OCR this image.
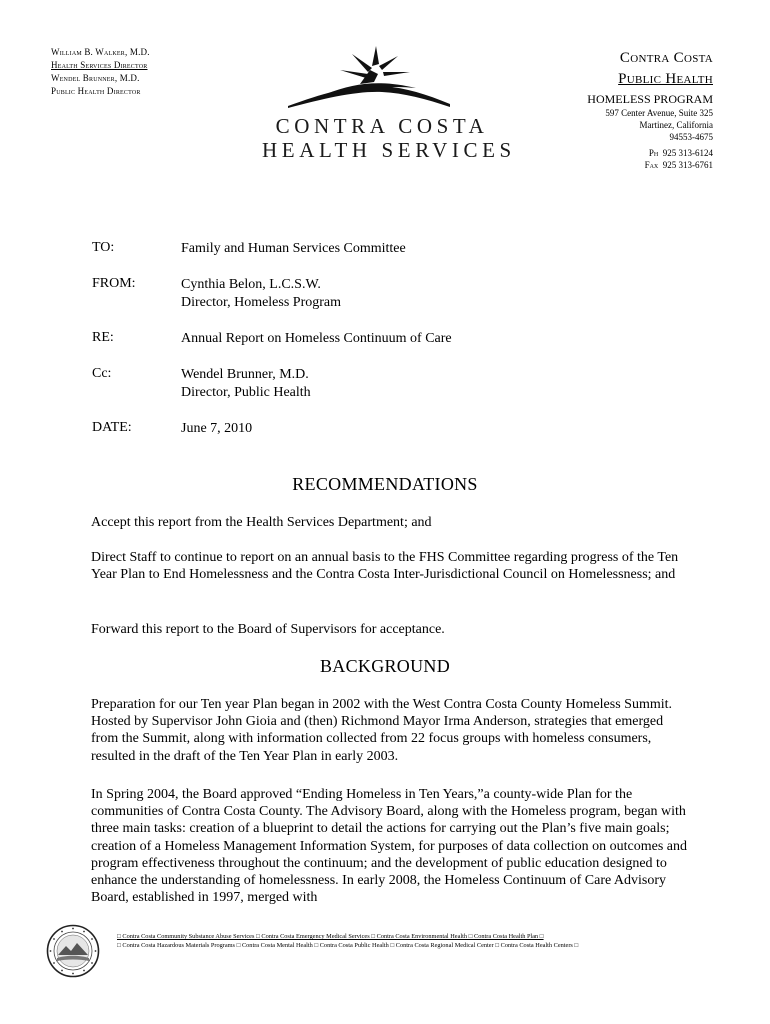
William B. Walker, M.D.
Health Services Director
Wendel Brunner, M.D.
Public Health Director
CONTRA COSTA
HEALTH SERVICES
Contra Costa
Public Health
HOMELESS PROGRAM
597 Center Avenue, Suite 325
Martinez, California
94553-4675
Ph  925 313-6124
Fax  925 313-6761
TO:	Family and Human Services Committee
FROM:	Cynthia Belon, L.C.S.W.
Director, Homeless Program
RE:	Annual Report on Homeless Continuum of Care
Cc:	Wendel Brunner, M.D.
Director, Public Health
DATE:	June 7, 2010
RECOMMENDATIONS
Accept this report from the Health Services Department; and
Direct Staff to continue to report on an annual basis to the FHS Committee regarding progress of the Ten Year Plan to End Homelessness and the Contra Costa Inter-Jurisdictional Council on Homelessness; and
Forward this report to the Board of Supervisors for acceptance.
BACKGROUND
Preparation for our Ten year Plan began in 2002 with the West Contra Costa County Homeless Summit. Hosted by Supervisor John Gioia and (then) Richmond Mayor Irma Anderson, strategies that emerged from the Summit, along with information collected from 22 focus groups with homeless consumers, resulted in the draft of the Ten Year Plan in early 2003.
In Spring 2004, the Board approved “Ending Homeless in Ten Years,”a county-wide Plan for the communities of Contra Costa County. The Advisory Board, along with the Homeless program, began with three main tasks: creation of a blueprint to detail the actions for carrying out the Plan’s five main goals; creation of a Homeless Management Information System, for purposes of data collection on outcomes and program effectiveness throughout the continuum; and the development of public education designed to enhance the understanding of homelessness. In early 2008, the Homeless Continuum of Care Advisory Board, established in 1997, merged with
□ Contra Costa Community Substance Abuse Services □ Contra Costa Emergency Medical Services □ Contra Costa Environmental Health □ Contra Costa Health Plan □
□ Contra Costa Hazardous Materials Programs □ Contra Costa Mental Health □ Contra Costa Public Health □ Contra Costa Regional Medical Center □ Contra Costa Health Centers □
